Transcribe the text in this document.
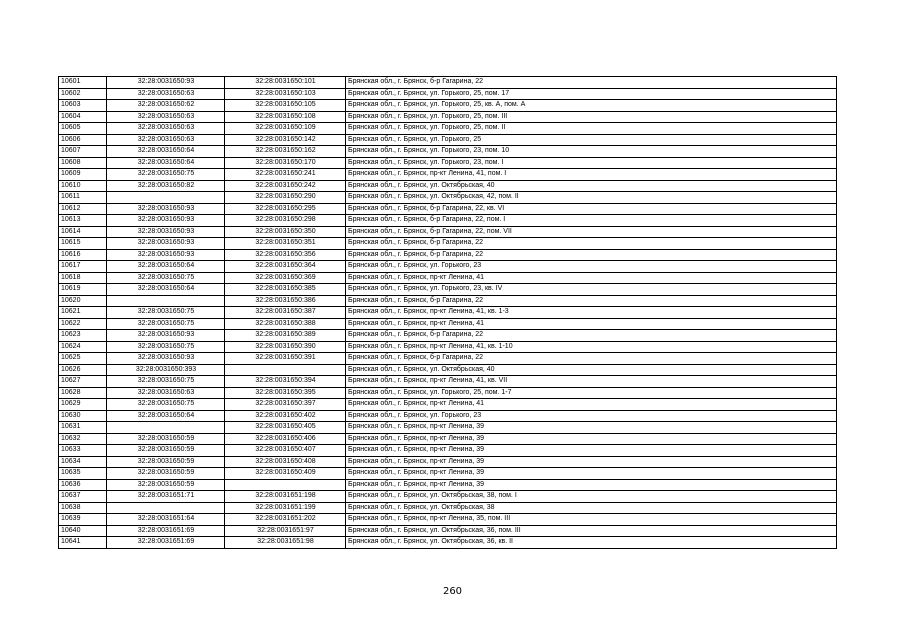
10601	32:28:0031650:93	32:28:0031650:101	Брянская обл., г. Брянск, б-р Гагарина, 22
10602	32:28:0031650:63	32:28:0031650:103	Брянская обл., г. Брянск, ул. Горького, 25, пом. 17
10603	32:28:0031650:62	32:28:0031650:105	Брянская обл., г. Брянск, ул. Горького, 25, кв. А, пом. А
10604	32:28:0031650:63	32:28:0031650:108	Брянская обл., г. Брянск, ул. Горького, 25, пом. III
10605	32:28:0031650:63	32:28:0031650:109	Брянская обл., г. Брянск, ул. Горького, 25, пом. II
10606	32:28:0031650:63	32:28:0031650:142	Брянская обл., г. Брянск, ул. Горького, 25
10607	32:28:0031650:64	32:28:0031650:162	Брянская обл., г. Брянск, ул. Горького, 23, пом. 10
10608	32:28:0031650:64	32:28:0031650:170	Брянская обл., г. Брянск, ул. Горького, 23, пом. I
10609	32:28:0031650:75	32:28:0031650:241	Брянская обл., г. Брянск, пр-кт Ленина, 41, пом. I
10610	32:28:0031650:82	32:28:0031650:242	Брянская обл., г. Брянск, ул. Октябрьская, 40
10611		32:28:0031650:290	Брянская обл., г. Брянск, ул. Октябрьская, 42, пом. II
10612	32:28:0031650:93	32:28:0031650:295	Брянская обл., г. Брянск, б-р Гагарина, 22, кв. VI
10613	32:28:0031650:93	32:28:0031650:298	Брянская обл., г. Брянск, б-р Гагарина, 22, пом. I
10614	32:28:0031650:93	32:28:0031650:350	Брянская обл., г. Брянск, б-р Гагарина, 22, пом. VII
10615	32:28:0031650:93	32:28:0031650:351	Брянская обл., г. Брянск, б-р Гагарина, 22
10616	32:28:0031650:93	32:28:0031650:356	Брянская обл., г. Брянск, б-р Гагарина, 22
10617	32:28:0031650:64	32:28:0031650:364	Брянская обл., г. Брянск, ул. Горького, 23
10618	32:28:0031650:75	32:28:0031650:369	Брянская обл., г. Брянск, пр-кт Ленина, 41
10619	32:28:0031650:64	32:28:0031650:385	Брянская обл., г. Брянск, ул. Горького, 23, кв. IV
10620		32:28:0031650:386	Брянская обл., г. Брянск, б-р Гагарина, 22
10621	32:28:0031650:75	32:28:0031650:387	Брянская обл., г. Брянск, пр-кт Ленина, 41, кв. 1-3
10622	32:28:0031650:75	32:28:0031650:388	Брянская обл., г. Брянск, пр-кт Ленина, 41
10623	32:28:0031650:93	32:28:0031650:389	Брянская обл., г. Брянск, б-р Гагарина, 22
10624	32:28:0031650:75	32:28:0031650:390	Брянская обл., г. Брянск, пр-кт Ленина, 41, кв. 1-10
10625	32:28:0031650:93	32:28:0031650:391	Брянская обл., г. Брянск, б-р Гагарина, 22
10626	32:28:0031650:393		Брянская обл., г. Брянск, ул. Октябрьская, 40
10627	32:28:0031650:75	32:28:0031650:394	Брянская обл., г. Брянск, пр-кт Ленина, 41, кв. VII
10628	32:28:0031650:63	32:28:0031650:395	Брянская обл., г. Брянск, ул. Горького, 25, пом. 1-7
10629	32:28:0031650:75	32:28:0031650:397	Брянская обл., г. Брянск, пр-кт Ленина, 41
10630	32:28:0031650:64	32:28:0031650:402	Брянская обл., г. Брянск, ул. Горького, 23
10631		32:28:0031650:405	Брянская обл., г. Брянск, пр-кт Ленина, 39
10632	32:28:0031650:59	32:28:0031650:406	Брянская обл., г. Брянск, пр-кт Ленина, 39
10633	32:28:0031650:59	32:28:0031650:407	Брянская обл., г. Брянск, пр-кт Ленина, 39
10634	32:28:0031650:59	32:28:0031650:408	Брянская обл., г. Брянск, пр-кт Ленина, 39
10635	32:28:0031650:59	32:28:0031650:409	Брянская обл., г. Брянск, пр-кт Ленина, 39
10636	32:28:0031650:59		Брянская обл., г. Брянск, пр-кт Ленина, 39
10637	32:28:0031651:71	32:28:0031651:198	Брянская обл., г. Брянск, ул. Октябрьская, 38, пом. I
10638		32:28:0031651:199	Брянская обл., г. Брянск, ул. Октябрьская, 38
10639	32:28:0031651:64	32:28:0031651:202	Брянская обл., г. Брянск, пр-кт Ленина, 35, пом. III
10640	32:28:0031651:69	32:28:0031651:97	Брянская обл., г. Брянск, ул. Октябрьская, 36, пом. III
10641	32:28:0031651:69	32:28:0031651:98	Брянская обл., г. Брянск, ул. Октябрьская, 36, кв. II
260
